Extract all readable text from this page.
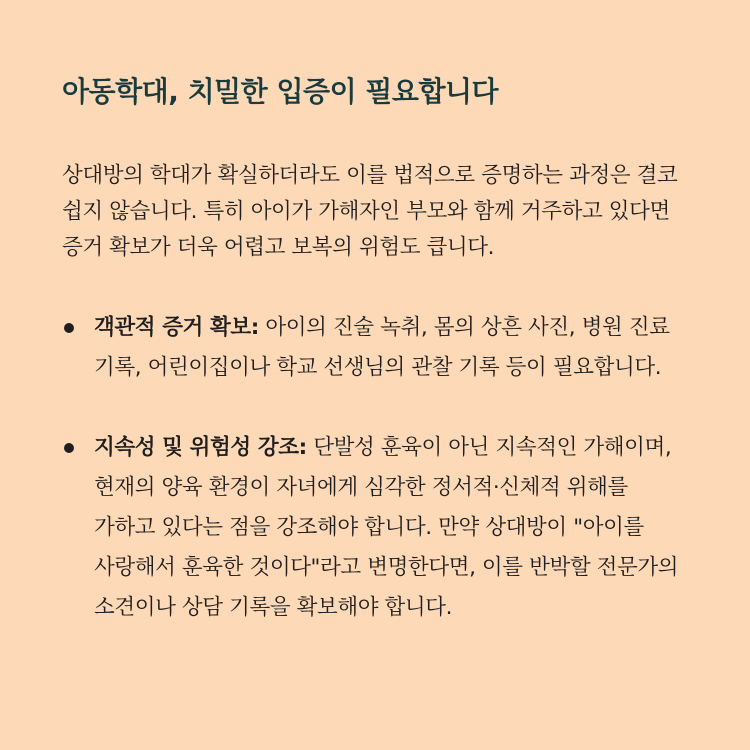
아동학대, 치밀한 입증이 필요합니다

상대방의 학대가 확실하더라도 이를 법적으로 증명하는 과정은 결코 쉽지 않습니다. 특히 아이가 가해자인 부모와 함께 거주하고 있다면 증거 확보가 더욱 어렵고 보복의 위험도 큽니다.

객관적 증거 확보: 아이의 진술 녹취, 몸의 상흔 사진, 병원 진료 기록, 어린이집이나 학교 선생님의 관찰 기록 등이 필요합니다.
지속성 및 위험성 강조: 단발성 훈육이 아닌 지속적인 가해이며, 현재의 양육 환경이 자녀에게 심각한 정서적·신체적 위해를 가하고 있다는 점을 강조해야 합니다. 만약 상대방이 "아이를 사랑해서 훈육한 것이다"라고 변명한다면, 이를 반박할 전문가의 소견이나 상담 기록을 확보해야 합니다.
